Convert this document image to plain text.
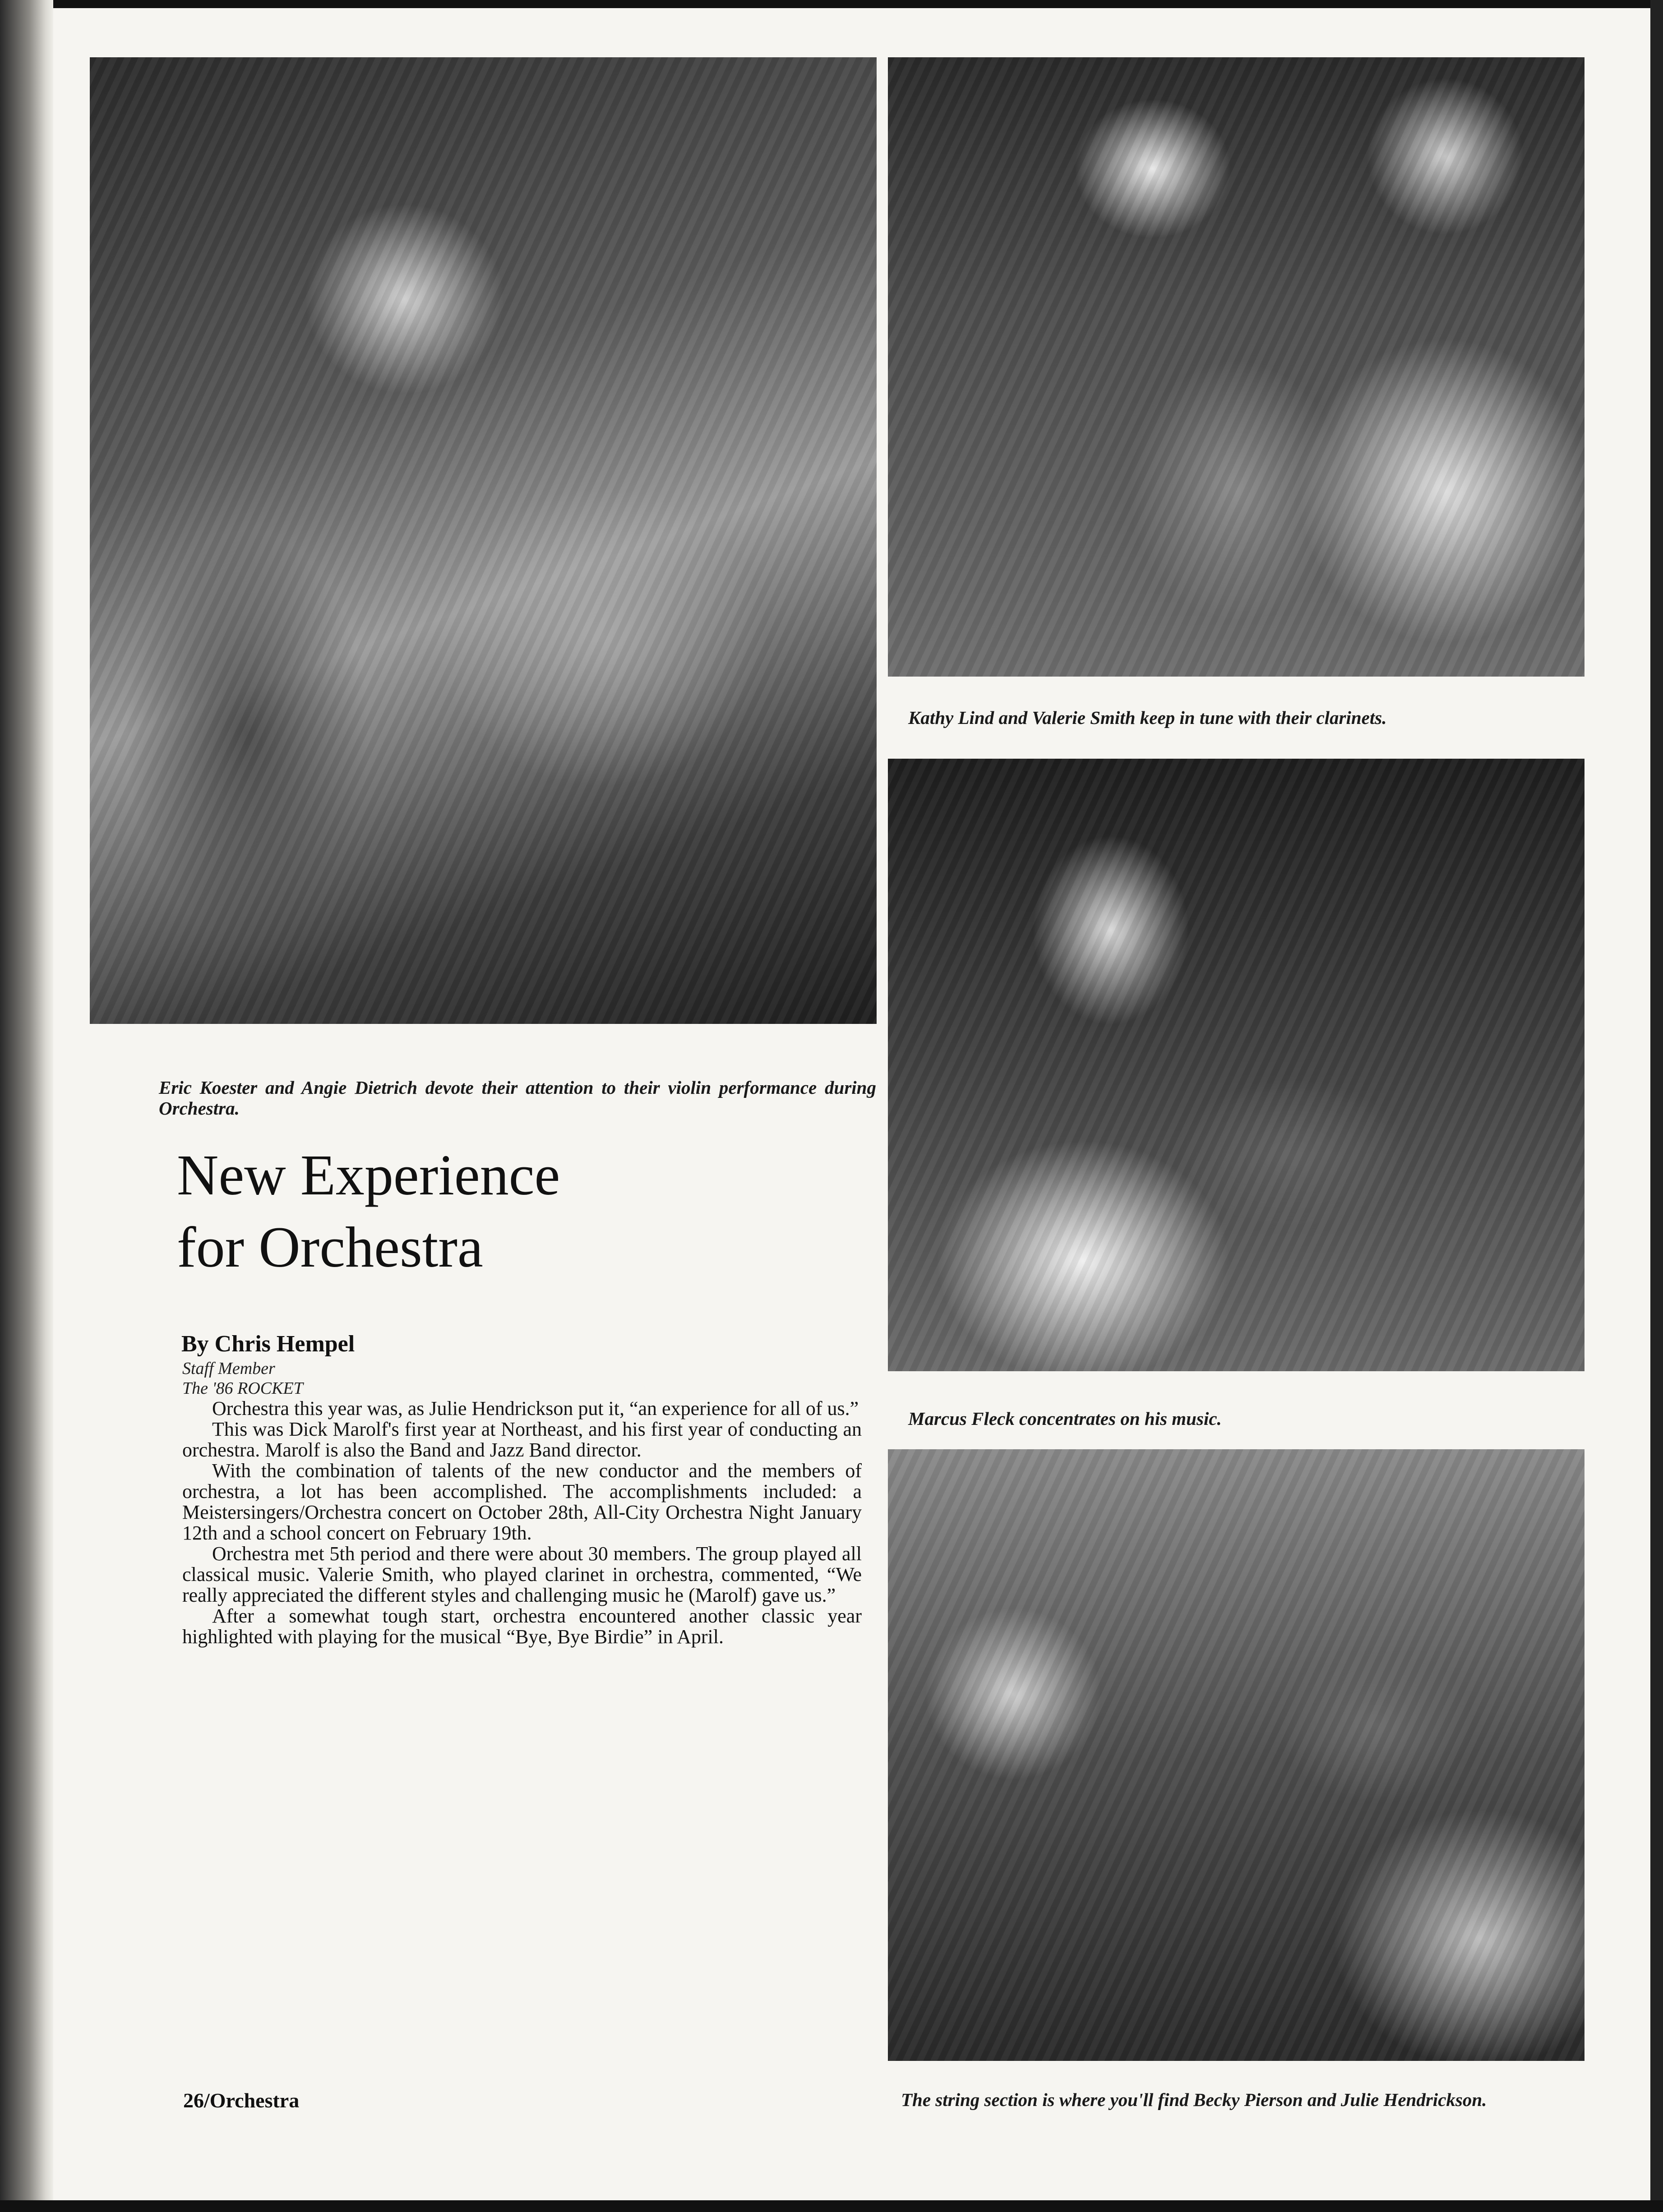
Eric Koester and Angie Dietrich devote their attention to their violin performance during Orchestra.

Kathy Lind and Valerie Smith keep in tune with their clarinets.

Marcus Fleck concentrates on his music.

The string section is where you'll find Becky Pierson and Julie Hendrickson.

New Experience
for Orchestra

By Chris Hempel

Staff Member
The '86 ROCKET

Orchestra this year was, as Julie Hendrickson put it, “an experience for all of us.”

This was Dick Marolf's first year at Northeast, and his first year of conducting an orchestra. Marolf is also the Band and Jazz Band director.

With the combination of talents of the new conductor and the members of orchestra, a lot has been accomplished. The accomplishments included: a Meistersingers/Orchestra concert on October 28th, All-City Orchestra Night January 12th and a school concert on February 19th.

Orchestra met 5th period and there were about 30 members. The group played all classical music. Valerie Smith, who played clarinet in orchestra, commented, “We really appreciated the different styles and challenging music he (Marolf) gave us.”

After a somewhat tough start, orchestra encountered another classic year highlighted with playing for the musical “Bye, Bye Birdie” in April.

26/Orchestra
